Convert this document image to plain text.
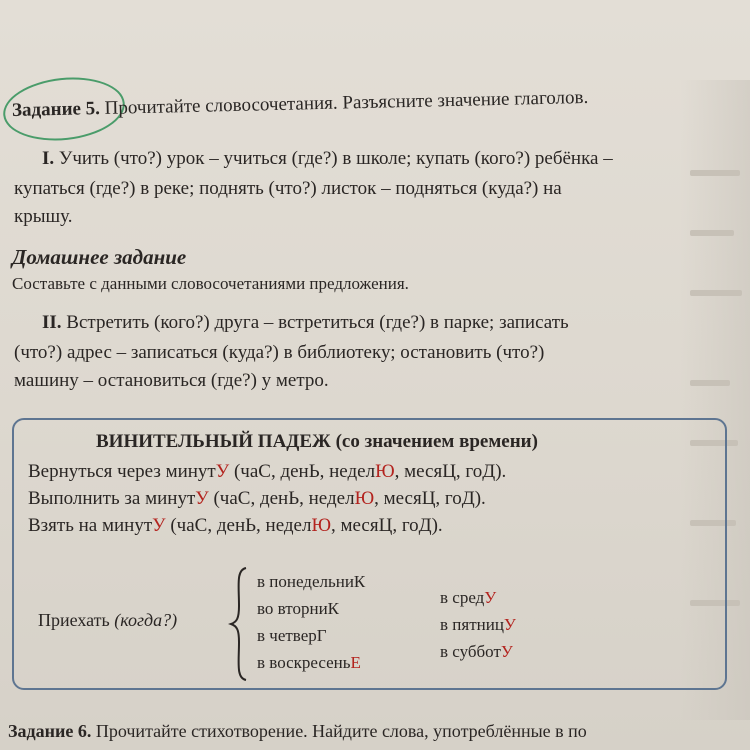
Задание 5. Прочитайте словосочетания. Разъясните значение глаголов.
I. Учить (что?) урок – учиться (где?) в школе; купать (кого?) ребёнка –
купаться (где?) в реке; поднять (что?) листок – подняться (куда?) на
крышу.
Домашнее задание
Составьте с данными словосочетаниями предложения.
II. Встретить (кого?) друга – встретиться (где?) в парке; записать
(что?) адрес – записаться (куда?) в библиотеку; остановить (что?)
машину – остановиться (где?) у метро.
ВИНИТЕЛЬНЫЙ ПАДЕЖ (со значением времени)
Вернуться через минутУ (чаС, денЬ, неделЮ, месяЦ, гоД).
Выполнить за минутУ (чаС, денЬ, неделЮ, месяЦ, гоД).
Взять на минутУ (чаС, денЬ, неделЮ, месяЦ, гоД).
Приехать (когда?)
в понедельниК
во вторниК
в четверГ
в воскресеньЕ
в средУ
в пятницУ
в субботУ
Задание 6. Прочитайте стихотворение. Найдите слова, употреблённые в по
